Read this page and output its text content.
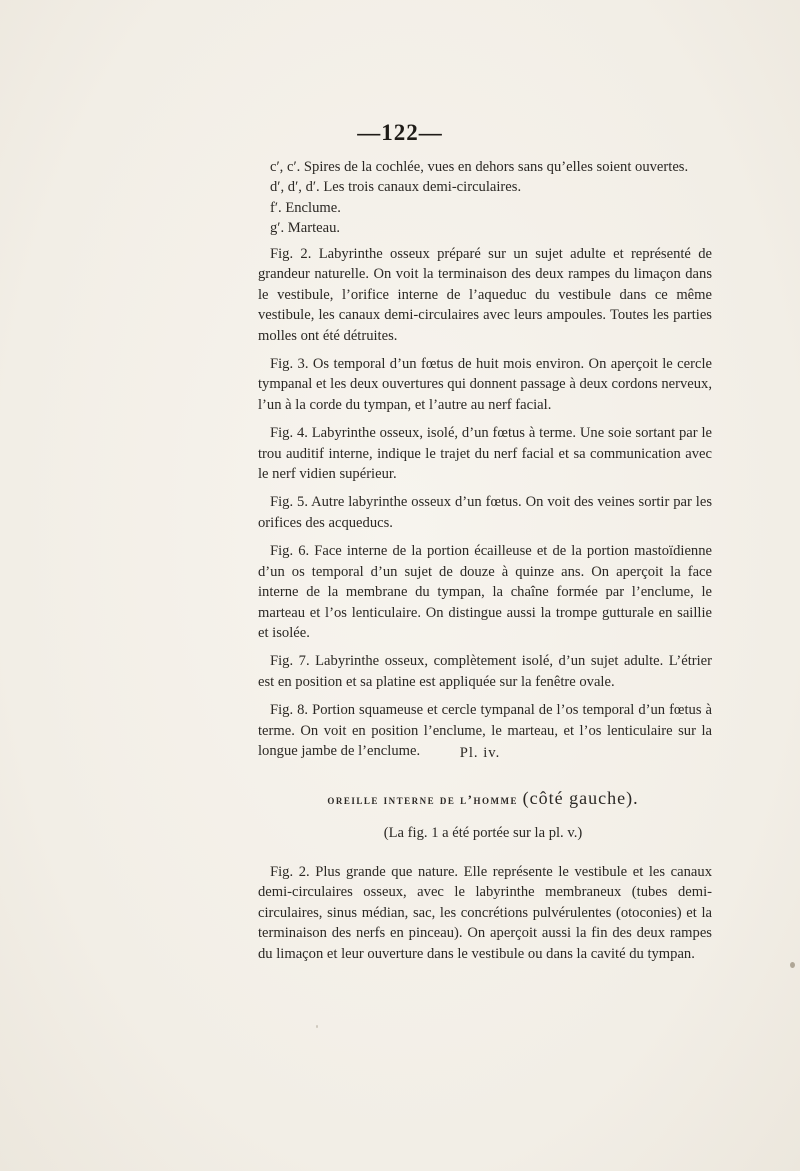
—122—
c′, c′. Spires de la cochlée, vues en dehors sans qu’elles soient ouvertes.
d′, d′, d′. Les trois canaux demi-circulaires.
f′. Enclume.
g′. Marteau.

Fig. 2. Labyrinthe osseux préparé sur un sujet adulte et représenté de grandeur naturelle. On voit la terminaison des deux rampes du limaçon dans le vestibule, l’orifice interne de l’aqueduc du vestibule dans ce même vestibule, les canaux demi-circulaires avec leurs ampoules. Toutes les parties molles ont été détruites.

Fig. 3. Os temporal d’un fœtus de huit mois environ. On aperçoit le cercle tympanal et les deux ouvertures qui donnent passage à deux cordons nerveux, l’un à la corde du tympan, et l’autre au nerf facial.

Fig. 4. Labyrinthe osseux, isolé, d’un fœtus à terme. Une soie sortant par le trou auditif interne, indique le trajet du nerf facial et sa communication avec le nerf vidien supérieur.

Fig. 5. Autre labyrinthe osseux d’un fœtus. On voit des veines sortir par les orifices des acqueducs.

Fig. 6. Face interne de la portion écailleuse et de la portion mastoïdienne d’un os temporal d’un sujet de douze à quinze ans. On aperçoit la face interne de la membrane du tympan, la chaîne formée par l’enclume, le marteau et l’os lenticulaire. On distingue aussi la trompe gutturale en saillie et isolée.

Fig. 7. Labyrinthe osseux, complètement isolé, d’un sujet adulte. L’étrier est en position et sa platine est appliquée sur la fenêtre ovale.

Fig. 8. Portion squameuse et cercle tympanal de l’os temporal d’un fœtus à terme. On voit en position l’enclume, le marteau, et l’os lenticulaire sur la longue jambe de l’enclume.	Pl. iv.
oreille interne de l’homme (côté gauche).
(La fig. 1 a été portée sur la pl. v.)

Fig. 2. Plus grande que nature. Elle représente le vestibule et les canaux demi-circulaires osseux, avec le labyrinthe membraneux (tubes demi-circulaires, sinus médian, sac, les concrétions pulvérulentes (otoconies) et la terminaison des nerfs en pinceau). On aperçoit aussi la fin des deux rampes du limaçon et leur ouverture dans le vestibule ou dans la cavité du tympan.
